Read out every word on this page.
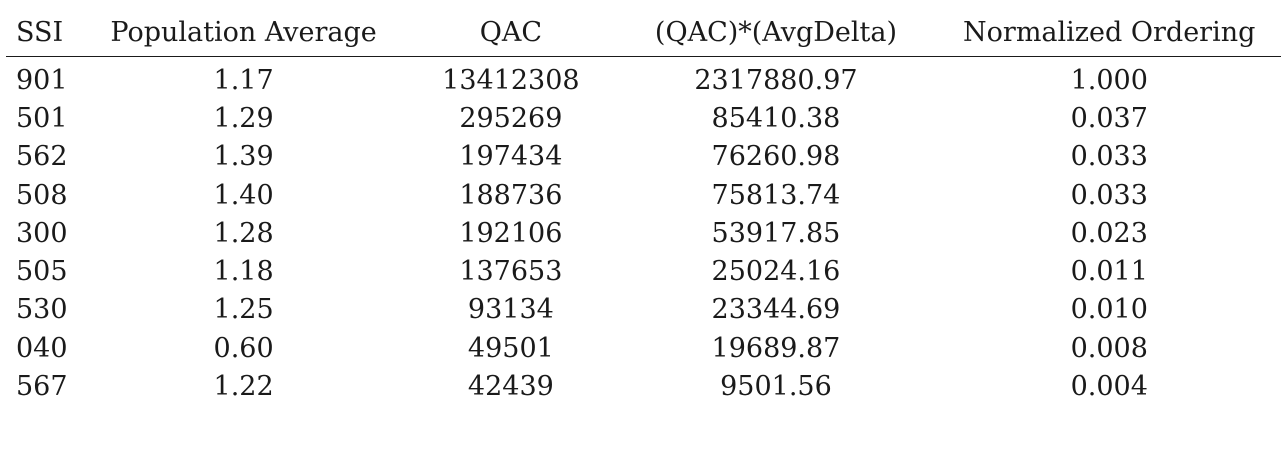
SSI	Population Average	QAC	(QAC)*(AvgDelta)	Normalized Ordering
901	1.17	13412308	2317880.97	1.000
501	1.29	295269	85410.38	0.037
562	1.39	197434	76260.98	0.033
508	1.40	188736	75813.74	0.033
300	1.28	192106	53917.85	0.023
505	1.18	137653	25024.16	0.011
530	1.25	93134	23344.69	0.010
040	0.60	49501	19689.87	0.008
567	1.22	42439	9501.56	0.004
